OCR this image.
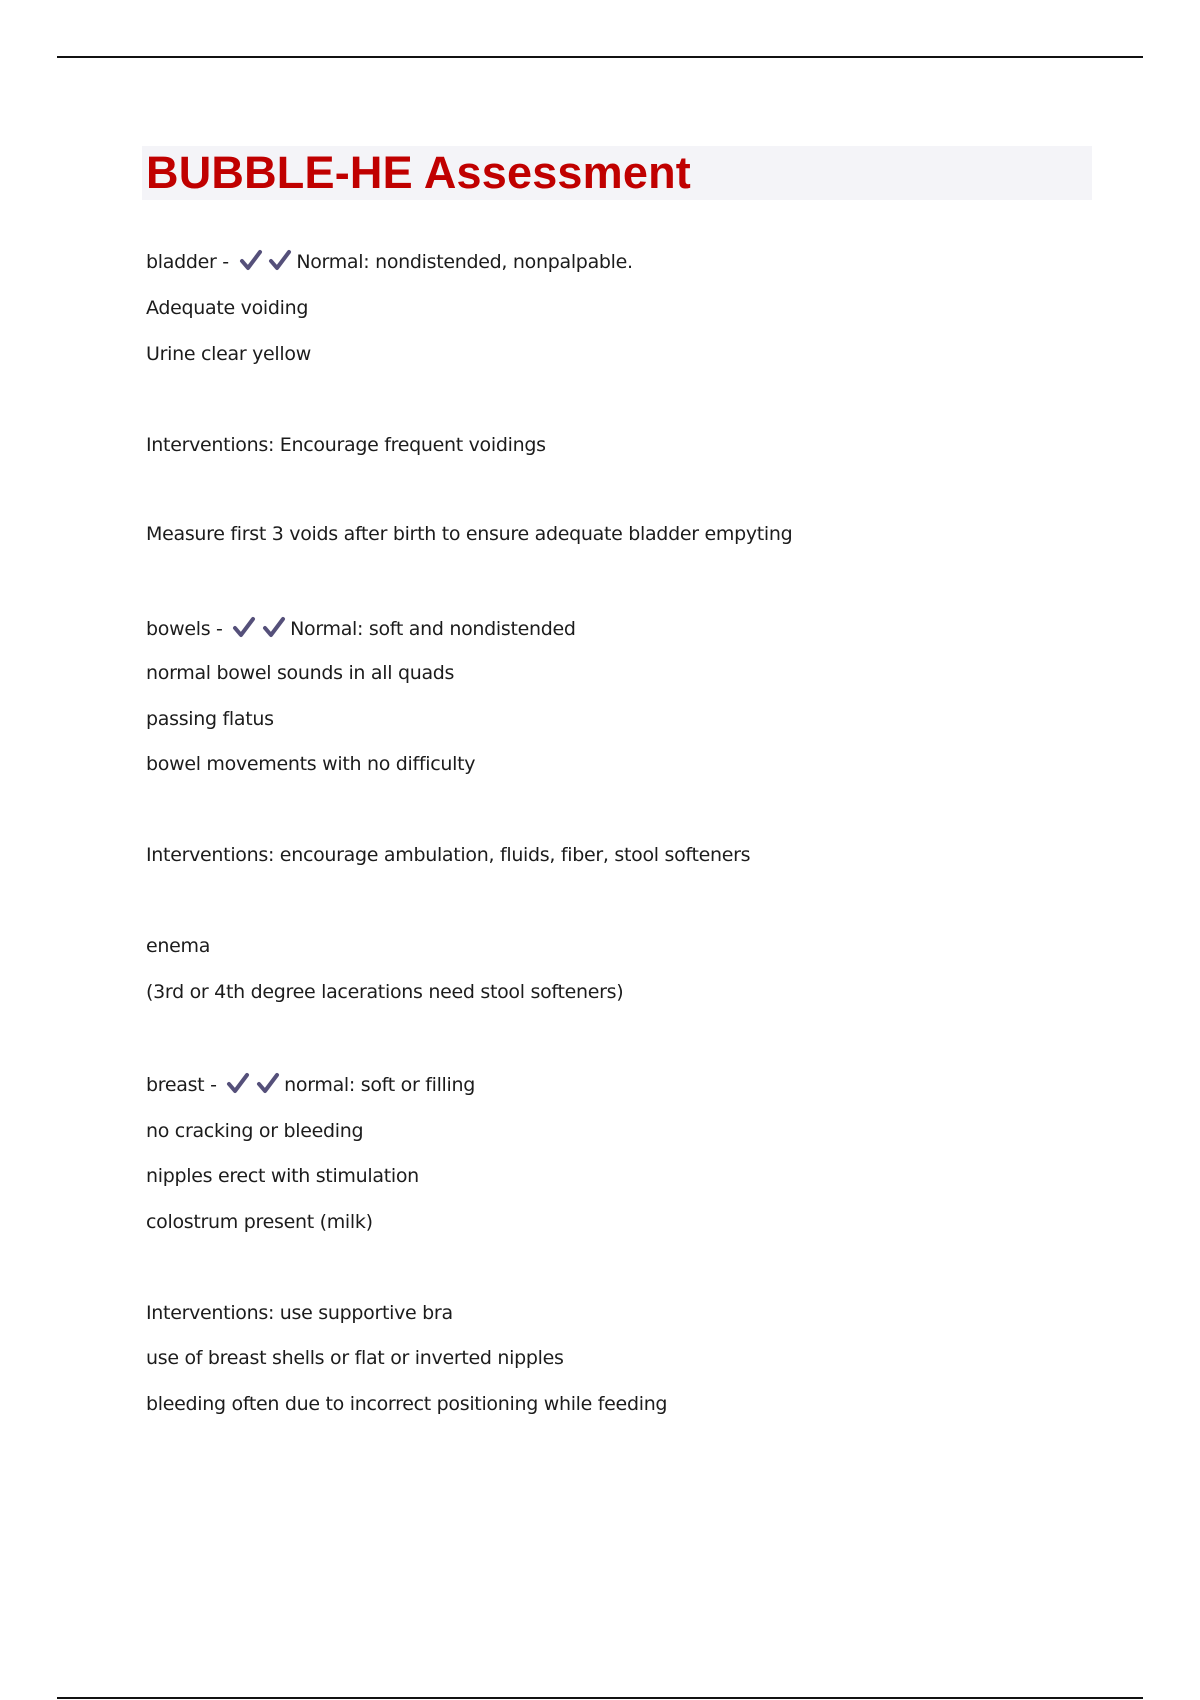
BUBBLE-HE Assessment

bladder -	Normal: nondistended, nonpalpable.

Adequate voiding

Urine clear yellow

Interventions: Encourage frequent voidings

Measure first 3 voids after birth to ensure adequate bladder empyting

bowels -	Normal: soft and nondistended

normal bowel sounds in all quads

passing flatus

bowel movements with no difficulty

Interventions: encourage ambulation, fluids, fiber, stool softeners

enema

(3rd or 4th degree lacerations need stool softeners)

breast -	normal: soft or filling

no cracking or bleeding

nipples erect with stimulation

colostrum present (milk)

Interventions: use supportive bra

use of breast shells or flat or inverted nipples

bleeding often due to incorrect positioning while feeding
